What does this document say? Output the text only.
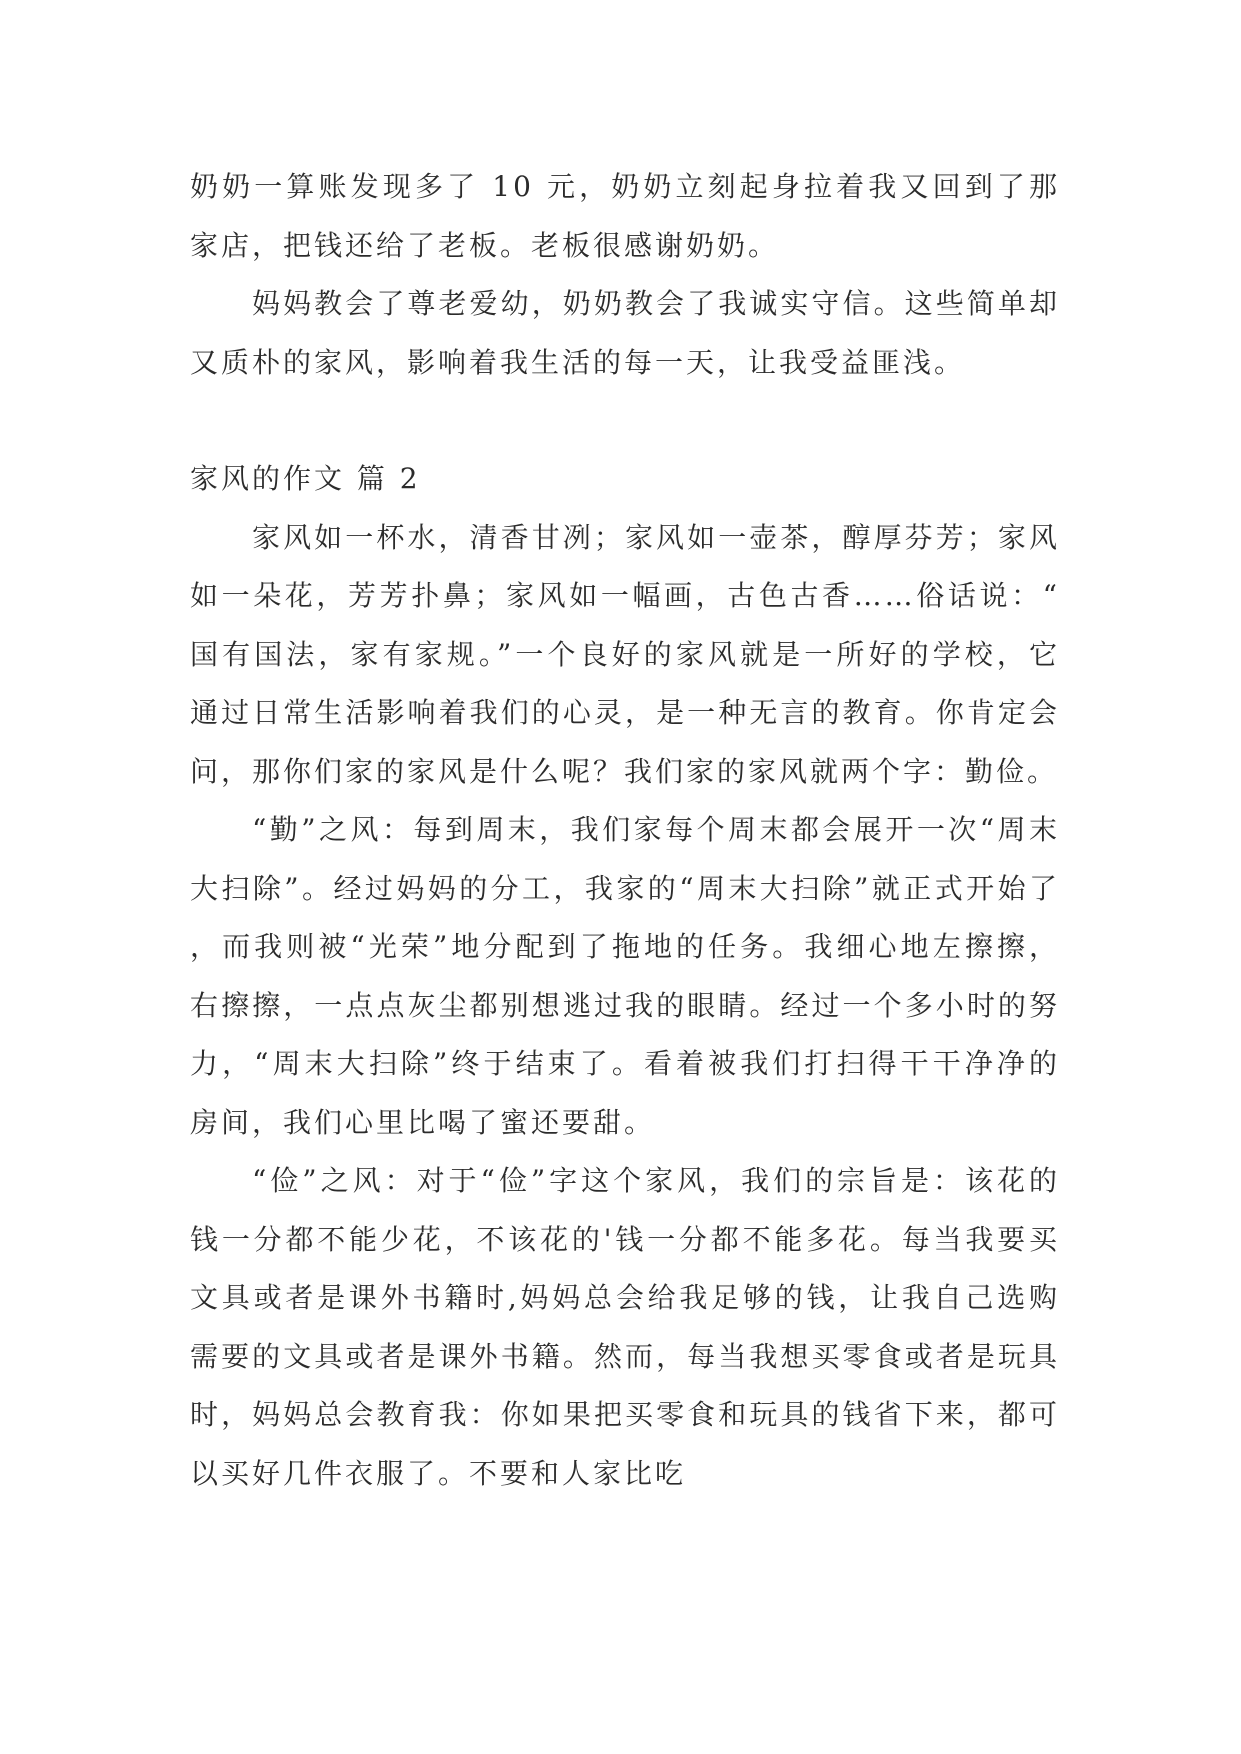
奶奶一算账发现多了 10 元，奶奶立刻起身拉着我又回到了那家店，把钱还给了老板。老板很感谢奶奶。

妈妈教会了尊老爱幼，奶奶教会了我诚实守信。这些简单却又质朴的家风，影响着我生活的每一天，让我受益匪浅。

家风的作文 篇 2

家风如一杯水，清香甘冽；家风如一壶茶，醇厚芬芳；家风如一朵花，芳芳扑鼻；家风如一幅画，古色古香……俗话说：“国有国法，家有家规。”一个良好的家风就是一所好的学校，它通过日常生活影响着我们的心灵，是一种无言的教育。你肯定会问，那你们家的家风是什么呢？我们家的家风就两个字：勤俭。

“勤”之风：每到周末，我们家每个周末都会展开一次“周末大扫除”。经过妈妈的分工，我家的“周末大扫除”就正式开始了，而我则被“光荣”地分配到了拖地的任务。我细心地左擦擦，右擦擦，一点点灰尘都别想逃过我的眼睛。经过一个多小时的努力，“周末大扫除”终于结束了。看着被我们打扫得干干净净的房间，我们心里比喝了蜜还要甜。

“俭”之风：对于“俭”字这个家风，我们的宗旨是：该花的钱一分都不能少花，不该花的'钱一分都不能多花。每当我要买文具或者是课外书籍时,妈妈总会给我足够的钱，让我自己选购需要的文具或者是课外书籍。然而，每当我想买零食或者是玩具时，妈妈总会教育我：你如果把买零食和玩具的钱省下来，都可以买好几件衣服了。不要和人家比吃
